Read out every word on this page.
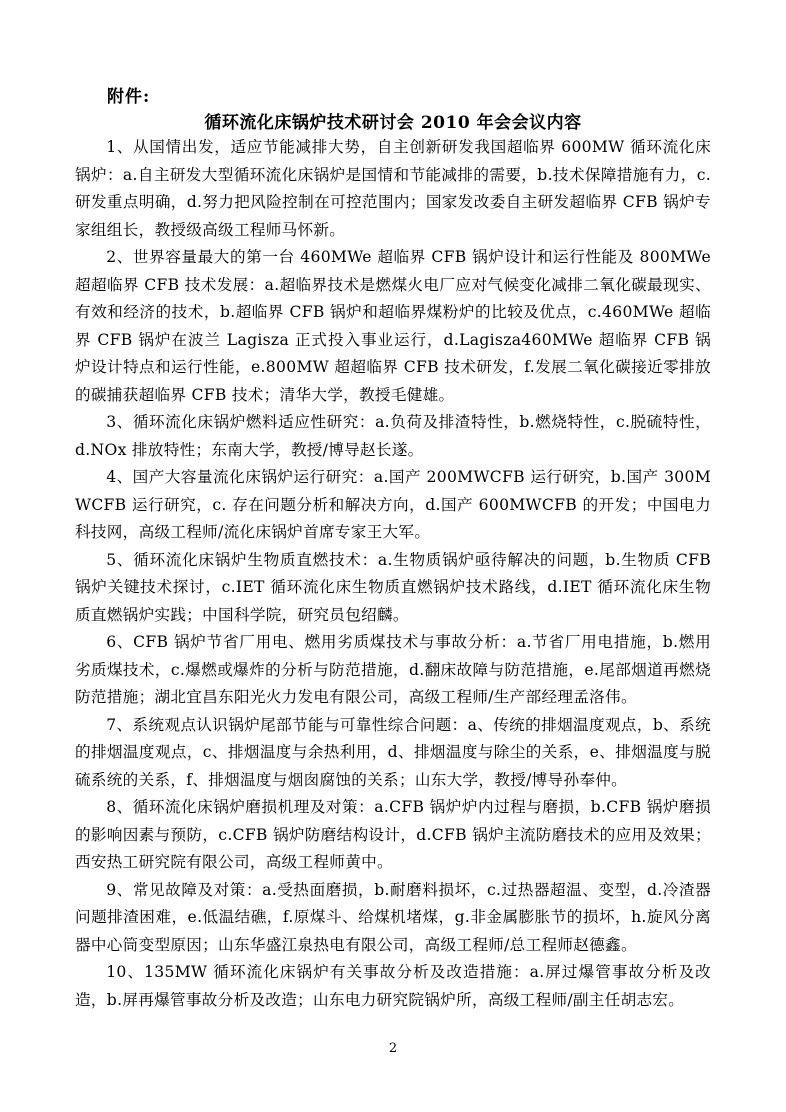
附件:
循环流化床锅炉技术研讨会 2010 年会会议内容

1、从国情出发，适应节能减排大势，自主创新研发我国超临界 600MW 循环流化床锅炉：a.自主研发大型循环流化床锅炉是国情和节能减排的需要，b.技术保障措施有力，c.研发重点明确，d.努力把风险控制在可控范围内；国家发改委自主研发超临界 CFB 锅炉专家组组长，教授级高级工程师马怀新。

2、世界容量最大的第一台 460MWe 超临界 CFB 锅炉设计和运行性能及 800MWe 超超临界 CFB 技术发展：a.超临界技术是燃煤火电厂应对气候变化减排二氧化碳最现实、有效和经济的技术，b.超临界 CFB 锅炉和超临界煤粉炉的比较及优点，c.460MWe 超临界 CFB 锅炉在波兰 Lagisza 正式投入事业运行，d.Lagisza460MWe 超临界 CFB 锅炉设计特点和运行性能，e.800MW 超超临界 CFB 技术研发，f.发展二氧化碳接近零排放的碳捕获超临界 CFB 技术；清华大学，教授毛健雄。

3、循环流化床锅炉燃料适应性研究：a.负荷及排渣特性，b.燃烧特性，c.脱硫特性，d.NOx 排放特性；东南大学，教授/博导赵长遂。

4、国产大容量流化床锅炉运行研究：a.国产 200MWCFB 运行研究，b.国产 300MWCFB 运行研究，c. 存在问题分析和解决方向，d.国产 600MWCFB 的开发；中国电力科技网，高级工程师/流化床锅炉首席专家王大军。

5、循环流化床锅炉生物质直燃技术：a.生物质锅炉亟待解决的问题，b.生物质 CFB 锅炉关键技术探讨，c.IET 循环流化床生物质直燃锅炉技术路线，d.IET 循环流化床生物质直燃锅炉实践；中国科学院，研究员包绍麟。

6、CFB 锅炉节省厂用电、燃用劣质煤技术与事故分析：a.节省厂用电措施，b.燃用劣质煤技术，c.爆燃或爆炸的分析与防范措施，d.翻床故障与防范措施，e.尾部烟道再燃烧防范措施；湖北宜昌东阳光火力发电有限公司，高级工程师/生产部经理孟洛伟。

7、系统观点认识锅炉尾部节能与可靠性综合问题：a、传统的排烟温度观点，b、系统的排烟温度观点，c、排烟温度与余热利用，d、排烟温度与除尘的关系，e、排烟温度与脱硫系统的关系，f、排烟温度与烟囱腐蚀的关系；山东大学，教授/博导孙奉仲。

8、循环流化床锅炉磨损机理及对策：a.CFB 锅炉炉内过程与磨损，b.CFB 锅炉磨损的影响因素与预防，c.CFB 锅炉防磨结构设计，d.CFB 锅炉主流防磨技术的应用及效果；西安热工研究院有限公司，高级工程师黄中。

9、常见故障及对策：a.受热面磨损，b.耐磨料损坏，c.过热器超温、变型，d.冷渣器问题排渣困难，e.低温结礁，f.原煤斗、给煤机堵煤，g.非金属膨胀节的损坏，h.旋风分离器中心筒变型原因；山东华盛江泉热电有限公司，高级工程师/总工程师赵德鑫。

10、135MW 循环流化床锅炉有关事故分析及改造措施：a.屏过爆管事故分析及改造，b.屏再爆管事故分析及改造；山东电力研究院锅炉所，高级工程师/副主任胡志宏。

2
